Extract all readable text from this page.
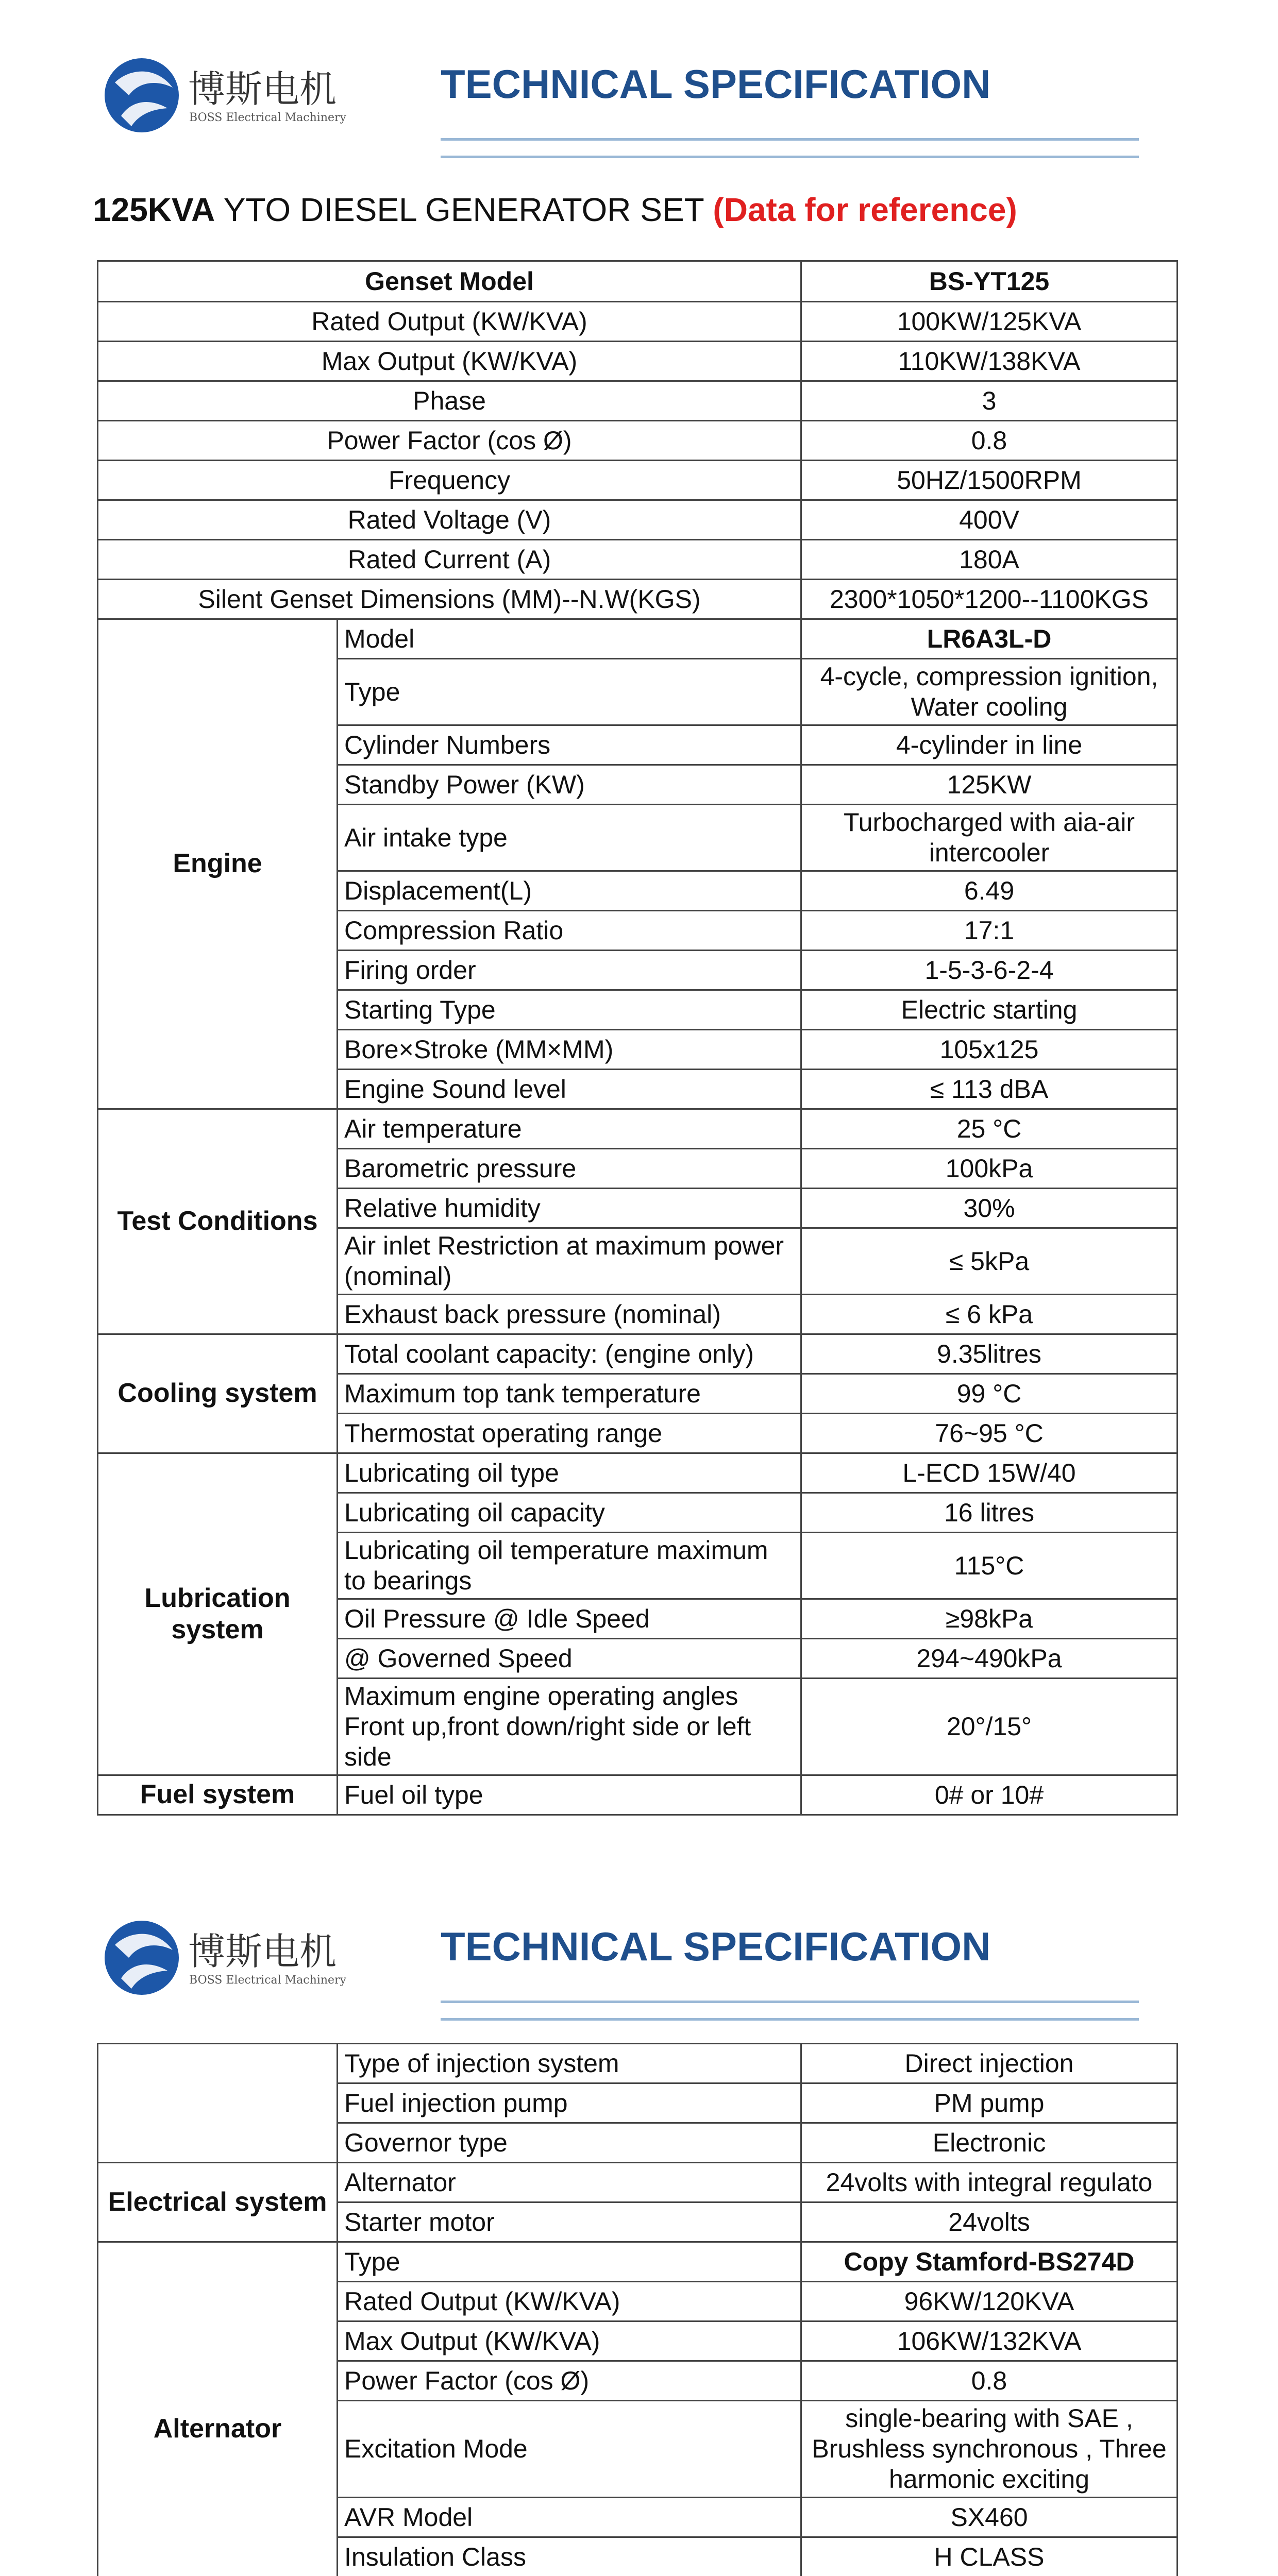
博斯电机
BOSS Electrical Machinery
TECHNICAL SPECIFICATION
125KVA YTO DIESEL GENERATOR SET (Data for reference)
Genset Model		BS-YT125
Rated Output (KW/KVA)		100KW/125KVA
Max Output (KW/KVA)		110KW/138KVA
Phase		3
Power Factor (cos Ø)		0.8
Frequency		50HZ/1500RPM
Rated Voltage (V)		400V
Rated Current (A)		180A
Silent Genset Dimensions (MM)--N.W(KGS)		2300*1050*1200--1100KGS
Engine	Model	LR6A3L-D
	Type	4-cycle, compression ignition, Water cooling
	Cylinder Numbers	4-cylinder in line
	Standby Power (KW)	125KW
	Air intake type	Turbocharged with aia-air intercooler
	Displacement(L)	6.49
	Compression Ratio	17:1
	Firing order	1-5-3-6-2-4
	Starting Type	Electric starting
	Bore×Stroke (MM×MM)	105x125
	Engine Sound level	≤ 113 dBA
Test Conditions	Air temperature	25 °C
	Barometric pressure	100kPa
	Relative humidity	30%
	Air inlet Restriction at maximum power (nominal)	≤ 5kPa
	Exhaust back pressure (nominal)	≤ 6 kPa
Cooling system	Total coolant capacity: (engine only)	9.35litres
	Maximum top tank temperature	99 °C
	Thermostat operating range	76~95 °C
Lubrication system	Lubricating oil type	L-ECD 15W/40
	Lubricating oil capacity	16 litres
	Lubricating oil temperature maximum to bearings	115°C
	Oil Pressure @ Idle Speed	≥98kPa
	@ Governed Speed	294~490kPa
	Maximum engine operating angles Front up,front down/right side or left side	20°/15°
Fuel system	Fuel oil type	0# or 10#
博斯电机
BOSS Electrical Machinery
TECHNICAL SPECIFICATION
	Type of injection system	Direct injection
	Fuel injection pump	PM pump
	Governor type	Electronic
Electrical system	Alternator	24volts with integral regulato
	Starter motor	24volts
Alternator	Type	Copy Stamford-BS274D
	Rated Output (KW/KVA)	96KW/120KVA
	Max Output (KW/KVA)	106KW/132KVA
	Power Factor (cos Ø)	0.8
	Excitation Mode	single-bearing with SAE , Brushless synchronous , Three harmonic exciting
	AVR Model	SX460
	Insulation Class	H CLASS
